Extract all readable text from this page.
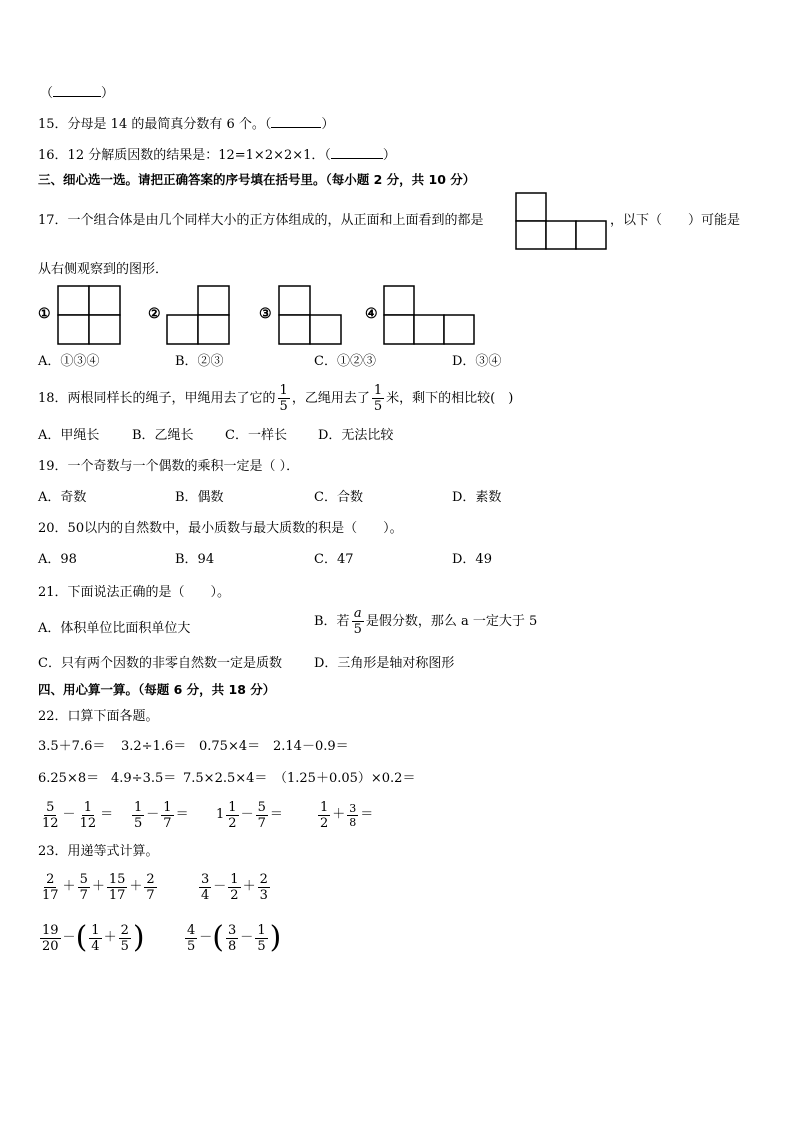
（	）
15．分母是 14 的最简真分数有 6 个。（	）
16．12 分解质因数的结果是：12=1×2×2×1．（	）
三、细心选一选。请把正确答案的序号填在括号里。（每小题 2 分，共 10 分）
17．一个组合体是由几个同样大小的正方体组成的，从正面和上面看到的都是	，以下（　　）可能是
从右侧观察到的图形．
①	②	③	④
A．①③④	B．②③	C．①②③	D．③④
18．两根同样长的绳子，甲绳用去了它的 $\frac{1}{5}$ ，乙绳用去了 $\frac{1}{5}$ 米，剩下的相比较(　)
A．甲绳长	B．乙绳长 C．一样长 D．无法比较
19．一个奇数与一个偶数的乘积一定是（ ）．
A．奇数	B．偶数	C．合数	D．素数
20．50以内的自然数中，最小质数与最大质数的积是（　　）。
A．98	B．94	C．47	D．49
21．下面说法正确的是（　　）。
A．体积单位比面积单位大	B．若 $\frac{a}{5}$ 是假分数，那么 a 一定大于 5
C．只有两个因数的非零自然数一定是质数 D．三角形是轴对称图形
四、用心算一算。（每题 6 分，共 18 分）
22．口算下面各题。
3.5＋7.6＝ 3.2÷1.6＝ 0.75×4＝ 2.14－0.9＝
6.25×8＝ 4.9÷3.5＝ 7.5×2.5×4＝ （1.25＋0.05）×0.2＝
$\frac{5}{12} - \frac{1}{12} = \frac{1}{5} - \frac{1}{7} = 1 \frac{1}{2} - \frac{5}{7}$ ＝	$\frac{1}{2} + \frac{3}{8}$ ＝
23．用递等式计算。
$\frac{2}{17} + \frac{5}{7} + \frac{15}{17} + \frac{2}{7}$	$\frac{3}{4} - \frac{1}{2} + \frac{2}{3}$
$\frac{19}{20}$ －( $\frac{1}{4} + \frac{2}{5}$ )	$\frac{4}{5}$ －( $\frac{3}{8} - \frac{1}{5}$ )
